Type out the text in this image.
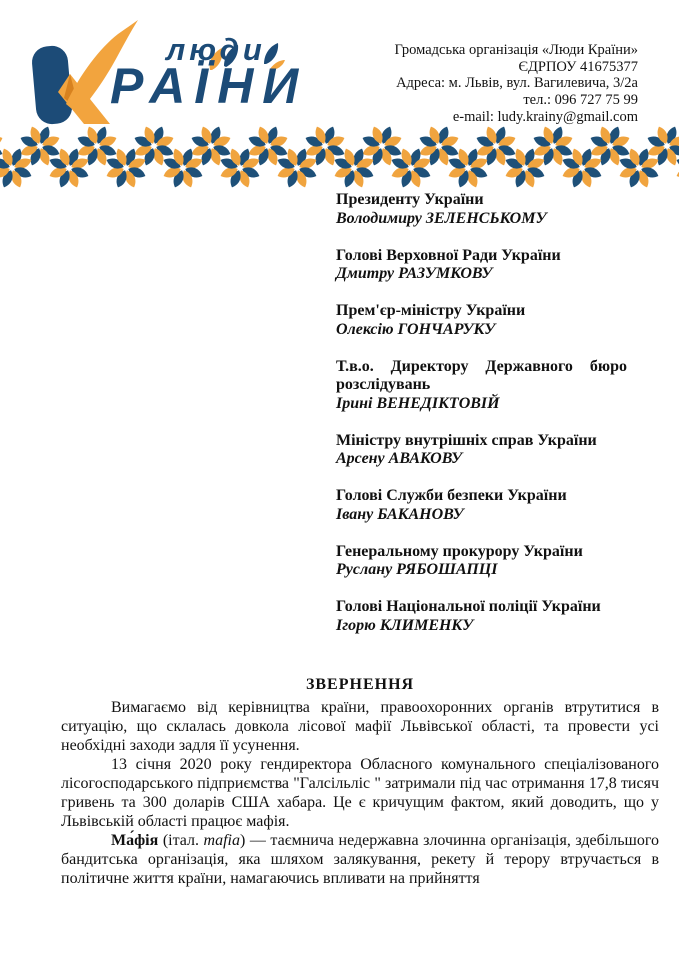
люди
РАЇНИ
Громадська організація «Люди Країни»
ЄДРПОУ 41675377
Адреса: м. Львів, вул. Вагилевича, 3/2а
тел.: 096 727 75 99
e-mail: ludy.krainy@gmail.com
Президенту України
Володимиру ЗЕЛЕНСЬКОМУ
Голові Верховної Ради України
Дмитру РАЗУМКОВУ
Прем'єр-міністру України
Олексію ГОНЧАРУКУ
Т.в.о. Директору Державного бюро розслідувань
Ірині ВЕНЕДІКТОВІЙ
Міністру внутрішніх справ України
Арсену АВАКОВУ
Голові Служби безпеки України
Івану БАКАНОВУ
Генеральному прокурору України
Руслану РЯБОШАПЦІ
Голові Національної поліції України
Ігорю КЛИМЕНКУ
ЗВЕРНЕННЯ

Вимагаємо від керівництва країни, правоохоронних органів втрутитися в ситуацію, що склалась довкола лісової мафії Львівської області, та провести усі необхідні заходи задля її усунення.

13 січня 2020 року гендиректора Обласного комунального спеціалізованого лісогосподарського підприємства "Галсільліс " затримали під час отримання 17,8 тисяч гривень та 300 доларів США хабара. Це є кричущим фактом, який доводить, що у Львівській області працює мафія.

Ма́фія (італ. mafia) — таємнича недержавна злочинна організація, здебільшого бандитська організація, яка шляхом залякування, рекету й терору втручається в політичне життя країни, намагаючись впливати на прийняття
